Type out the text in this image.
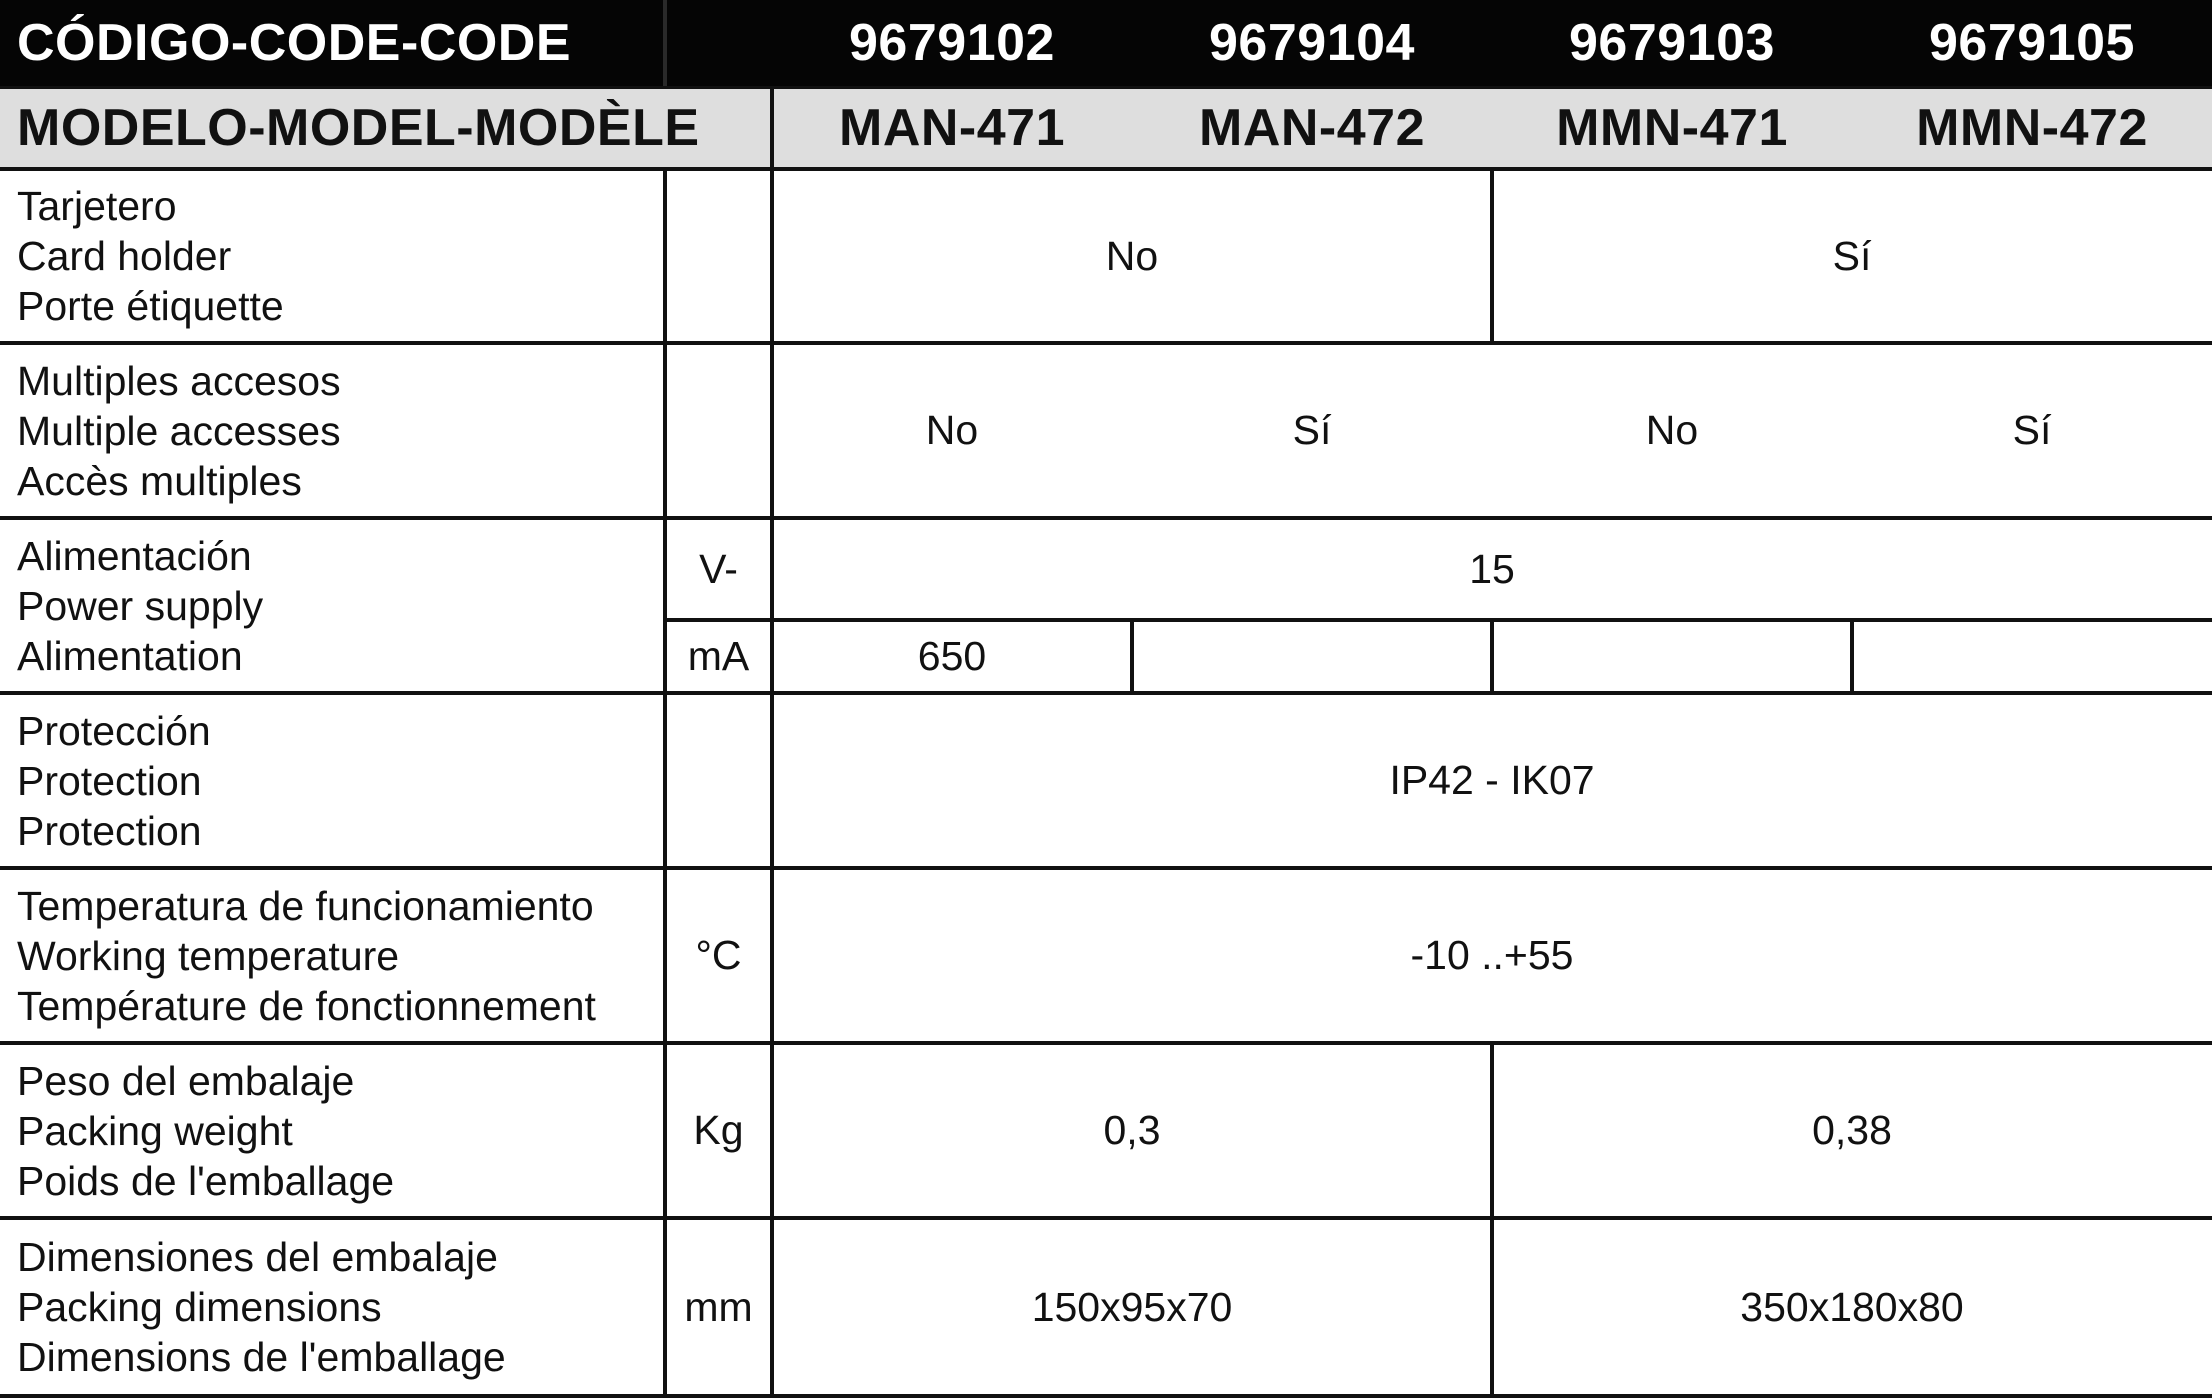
CÓDIGO-CODE-CODE	9679102	9679104	9679103	9679105
MODELO-MODEL-MODÈLE	MAN-471	MAN-472	MMN-471	MMN-472
Tarjetero
Card holder
Porte étiquette
No	Sí
Multiples accesos
Multiple accesses
Accès multiples
No	Sí	No	Sí
Alimentación
Power supply
Alimentation
V-	15
mA	650
Protección
Protection
Protection
IP42 - IK07
Temperatura de funcionamiento
Working temperature
Température de fonctionnement
°C	-10 ..+55
Peso del embalaje
Packing weight
Poids de l'emballage
Kg	0,3	0,38
Dimensiones del embalaje
Packing dimensions
Dimensions de l'emballage
mm	150x95x70	350x180x80
